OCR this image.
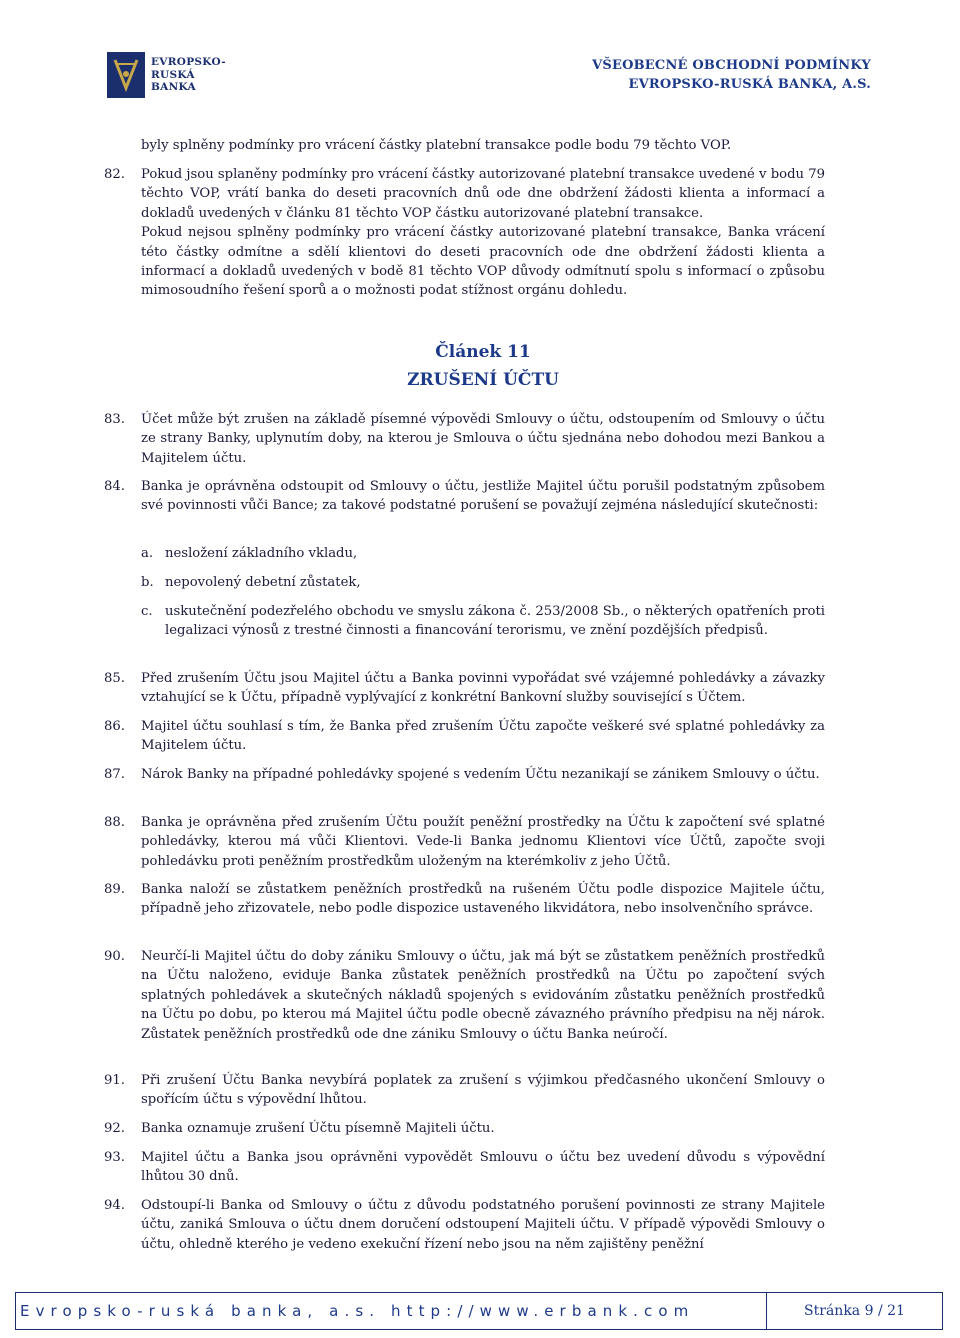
EVROPSKO-
RUSKÁ
BANKA
VŠEOBECNÉ OBCHODNÍ PODMÍNKY
EVROPSKO-RUSKÁ BANKA, A.S.
byly splněny podmínky pro vrácení částky platební transakce podle bodu 79 těchto VOP.
82. Pokud jsou splaněny podmínky pro vrácení částky autorizované platební transakce uvedené v bodu 79 těchto VOP, vrátí banka do deseti pracovních dnů ode dne obdržení žádosti klienta a informací a dokladů uvedených v článku 81 těchto VOP částku autorizované platební transakce.

Pokud nejsou splněny podmínky pro vrácení částky autorizované platební transakce, Banka vrácení této částky odmítne a sdělí klientovi do deseti pracovních ode dne obdržení žádosti klienta a informací a dokladů uvedených v bodě 81 těchto VOP důvody odmítnutí spolu s informací o způsobu mimosoudního řešení sporů a o možnosti podat stížnost orgánu dohledu.

Článek 11
ZRUŠENÍ ÚČTU
83. Účet může být zrušen na základě písemné výpovědi Smlouvy o účtu, odstoupením od Smlouvy o účtu ze strany Banky, uplynutím doby, na kterou je Smlouva o účtu sjednána nebo dohodou mezi Bankou a Majitelem účtu.
84. Banka je oprávněna odstoupit od Smlouvy o účtu, jestliže Majitel účtu porušil podstatným způsobem své povinnosti vůči Bance; za takové podstatné porušení se považují zejména následující skutečnosti:
a. nesložení základního vkladu,
b. nepovolený debetní zůstatek,
c. uskutečnění podezřelého obchodu ve smyslu zákona č. 253/2008 Sb., o některých opatřeních proti legalizaci výnosů z trestné činnosti a financování terorismu, ve znění pozdějších předpisů.
85. Před zrušením Účtu jsou Majitel účtu a Banka povinni vypořádat své vzájemné pohledávky a závazky vztahující se k Účtu, případně vyplývající z konkrétní Bankovní služby související s Účtem.
86. Majitel účtu souhlasí s tím, že Banka před zrušením Účtu započte veškeré své splatné pohledávky za Majitelem účtu.
87. Nárok Banky na případné pohledávky spojené s vedením Účtu nezanikají se zánikem Smlouvy o účtu.
88. Banka je oprávněna před zrušením Účtu použít peněžní prostředky na Účtu k započtení své splatné pohledávky, kterou má vůči Klientovi. Vede-li Banka jednomu Klientovi více Účtů, započte svoji pohledávku proti peněžním prostředkům uloženým na kterémkoliv z jeho Účtů.
89. Banka naloží se zůstatkem peněžních prostředků na rušeném Účtu podle dispozice Majitele účtu, případně jeho zřizovatele, nebo podle dispozice ustaveného likvidátora, nebo insolvenčního správce.
90. Neurčí-li Majitel účtu do doby zániku Smlouvy o účtu, jak má být se zůstatkem peněžních prostředků na Účtu naloženo, eviduje Banka zůstatek peněžních prostředků na Účtu po započtení svých splatných pohledávek a skutečných nákladů spojených s evidováním zůstatku peněžních prostředků na Účtu po dobu, po kterou má Majitel účtu podle obecně závazného právního předpisu na něj nárok. Zůstatek peněžních prostředků ode dne zániku Smlouvy o účtu Banka neúročí.
91. Při zrušení Účtu Banka nevybírá poplatek za zrušení s výjimkou předčasného ukončení Smlouvy o spořícím účtu s výpovědní lhůtou.
92. Banka oznamuje zrušení Účtu písemně Majiteli účtu.
93. Majitel účtu a Banka jsou oprávněni vypovědět Smlouvu o účtu bez uvedení důvodu s výpovědní lhůtou 30 dnů.
94. Odstoupí-li Banka od Smlouvy o účtu z důvodu podstatného porušení povinnosti ze strany Majitele účtu, zaniká Smlouva o účtu dnem doručení odstoupení Majiteli účtu. V případě výpovědi Smlouvy o účtu, ohledně kterého je vedeno exekuční řízení nebo jsou na něm zajištěny peněžní
Evropsko-ruská banka, a.s. http://www.erbank.com	Stránka 9 / 21
